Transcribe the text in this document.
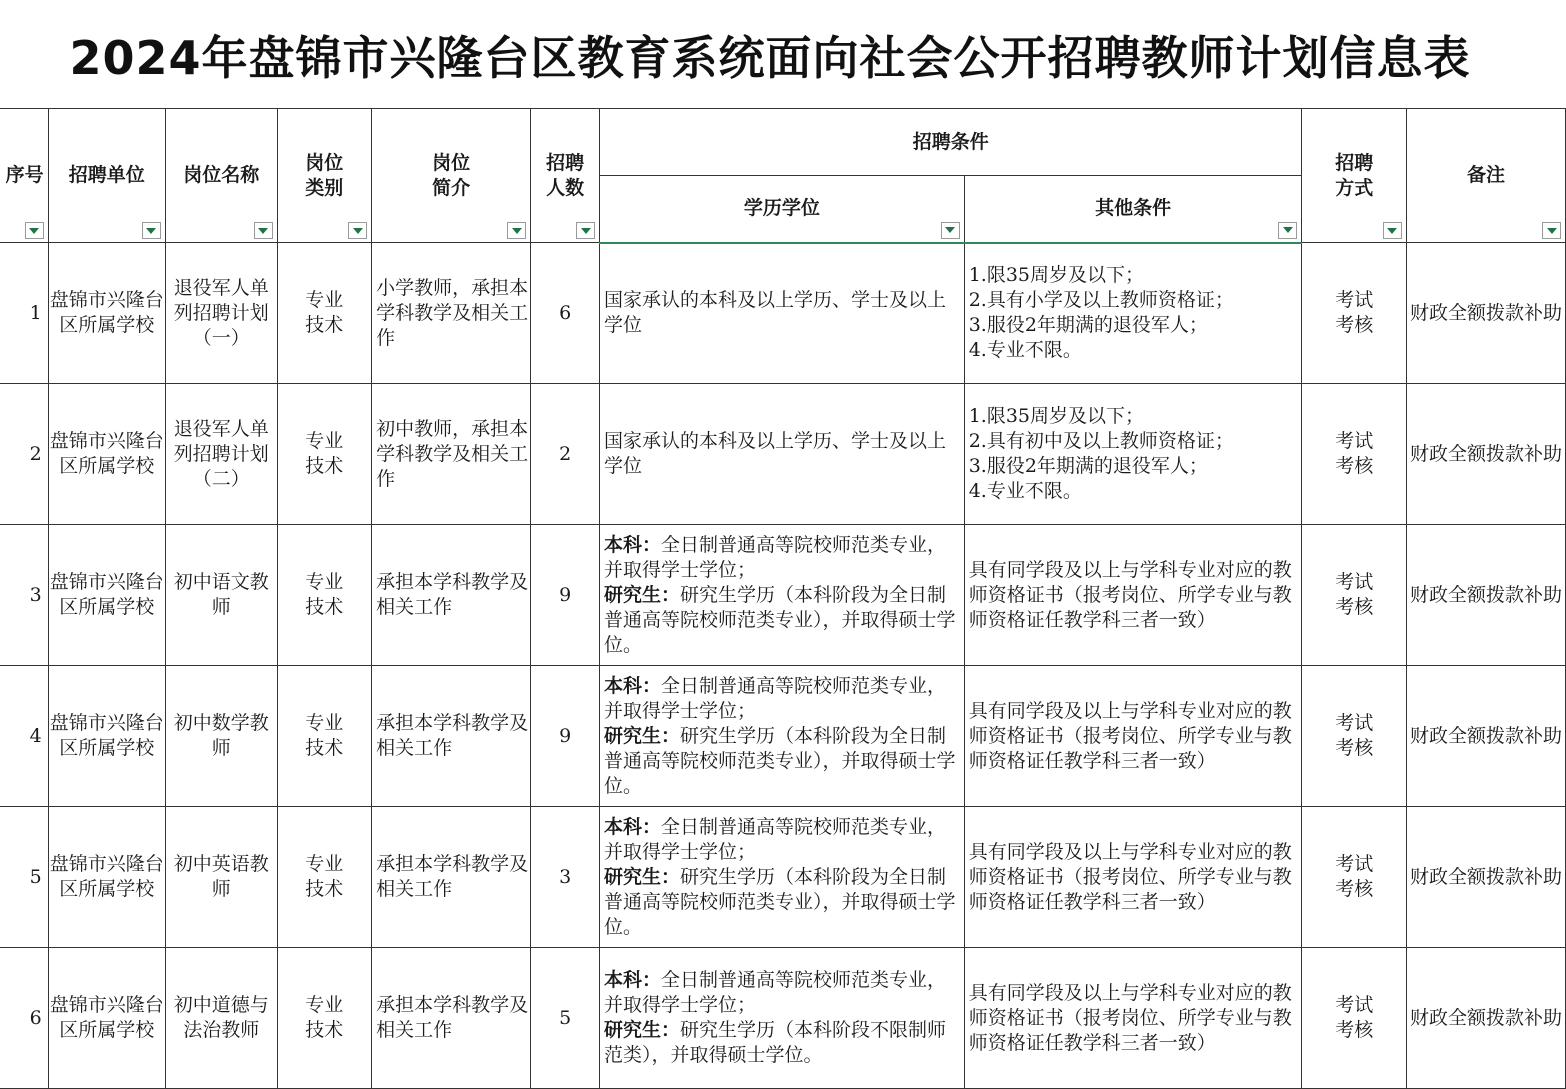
2024年盘锦市兴隆台区教育系统面向社会公开招聘教师计划信息表
序号	招聘单位	岗位名称	岗位类别	岗位简介	招聘人数	招聘条件		招聘方式	备注

						学历学位	其他条件		

1	盘锦市兴隆台区所属学校	退役军人单列招聘计划（一）	专业技术	小学教师，承担本学科教学及相关工作	6	国家承认的本科及以上学历、学士及以上学位	1.限35周岁及以下；
2.具有小学及以上教师资格证；
3.服役2年期满的退役军人；
4.专业不限。	考试考核	财政全额拨款补助

2	盘锦市兴隆台区所属学校	退役军人单列招聘计划（二）	专业技术	初中教师，承担本学科教学及相关工作	2	国家承认的本科及以上学历、学士及以上学位	1.限35周岁及以下；
2.具有初中及以上教师资格证；
3.服役2年期满的退役军人；
4.专业不限。	考试考核	财政全额拨款补助

3	盘锦市兴隆台区所属学校	初中语文教师	专业技术	承担本学科教学及相关工作	9	本科：全日制普通高等院校师范类专业，并取得学士学位；
研究生：研究生学历（本科阶段为全日制普通高等院校师范类专业），并取得硕士学位。	具有同学段及以上与学科专业对应的教师资格证书（报考岗位、所学专业与教师资格证任教学科三者一致）	考试考核	财政全额拨款补助

4	盘锦市兴隆台区所属学校	初中数学教师	专业技术	承担本学科教学及相关工作	9	本科：全日制普通高等院校师范类专业，并取得学士学位；
研究生：研究生学历（本科阶段为全日制普通高等院校师范类专业），并取得硕士学位。	具有同学段及以上与学科专业对应的教师资格证书（报考岗位、所学专业与教师资格证任教学科三者一致）	考试考核	财政全额拨款补助

5	盘锦市兴隆台区所属学校	初中英语教师	专业技术	承担本学科教学及相关工作	3	本科：全日制普通高等院校师范类专业，并取得学士学位；
研究生：研究生学历（本科阶段为全日制普通高等院校师范类专业），并取得硕士学位。	具有同学段及以上与学科专业对应的教师资格证书（报考岗位、所学专业与教师资格证任教学科三者一致）	考试考核	财政全额拨款补助

6	盘锦市兴隆台区所属学校	初中道德与法治教师	专业技术	承担本学科教学及相关工作	5	本科：全日制普通高等院校师范类专业，并取得学士学位；
研究生：研究生学历（本科阶段不限制师范类），并取得硕士学位。	具有同学段及以上与学科专业对应的教师资格证书（报考岗位、所学专业与教师资格证任教学科三者一致）	考试考核	财政全额拨款补助
